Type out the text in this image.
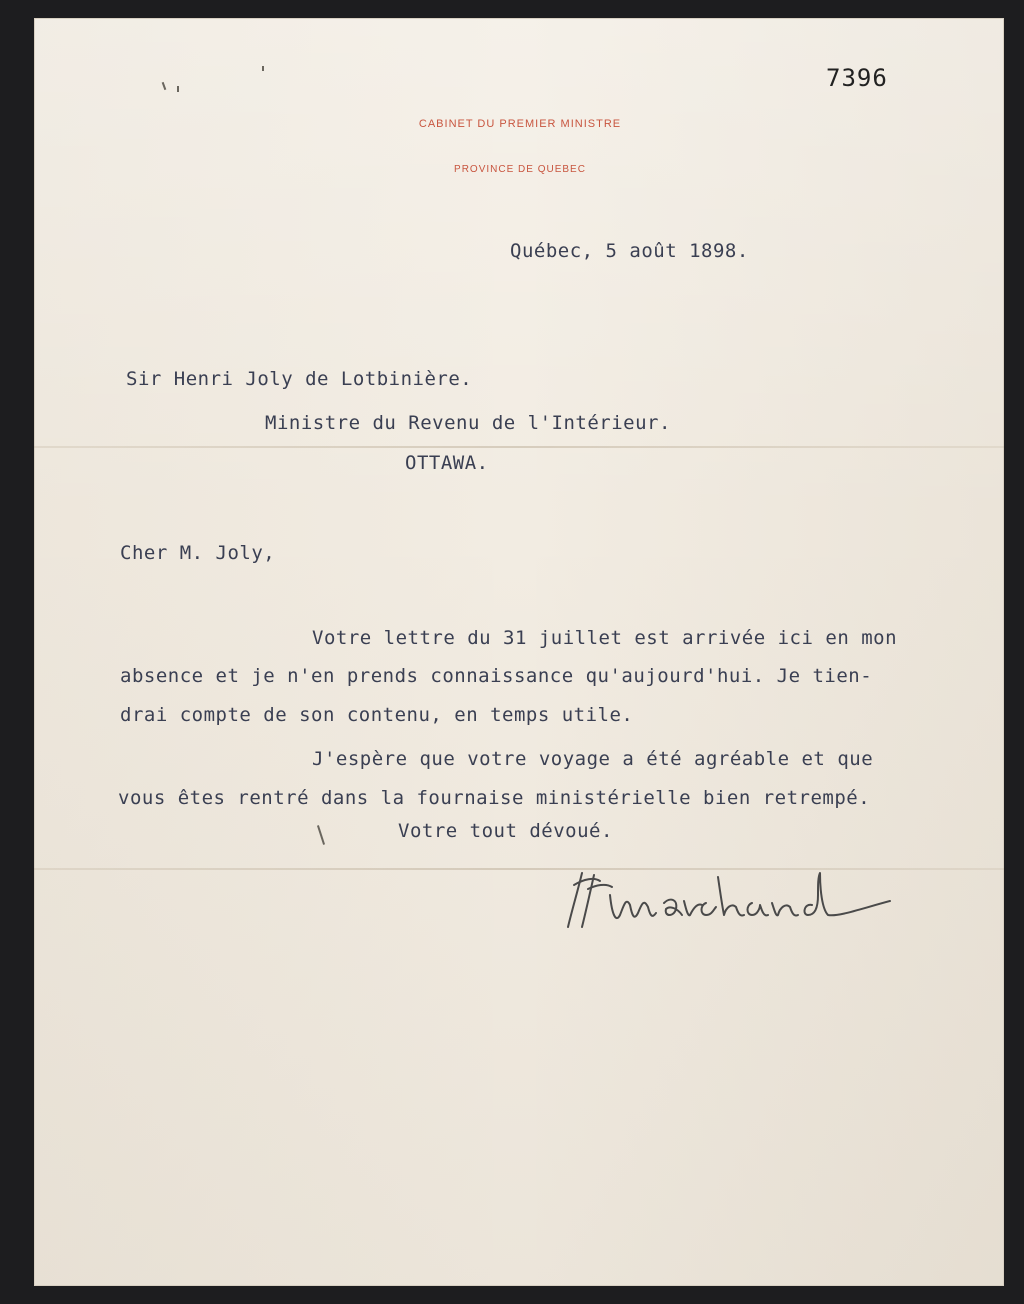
7396
CABINET DU PREMIER MINISTRE
PROVINCE DE QUEBEC
Québec, 5 août 1898.
Sir Henri Joly de Lotbinière.
Ministre du Revenu de l'Intérieur.
OTTAWA.
Cher M. Joly,
Votre lettre du 31 juillet est arrivée ici en mon
absence et je n'en prends connaissance qu'aujourd'hui. Je tien-
drai compte de son contenu, en temps utile.
J'espère que votre voyage a été agréable et que
vous êtes rentré dans la fournaise ministérielle bien retrempé.
Votre tout dévoué.
